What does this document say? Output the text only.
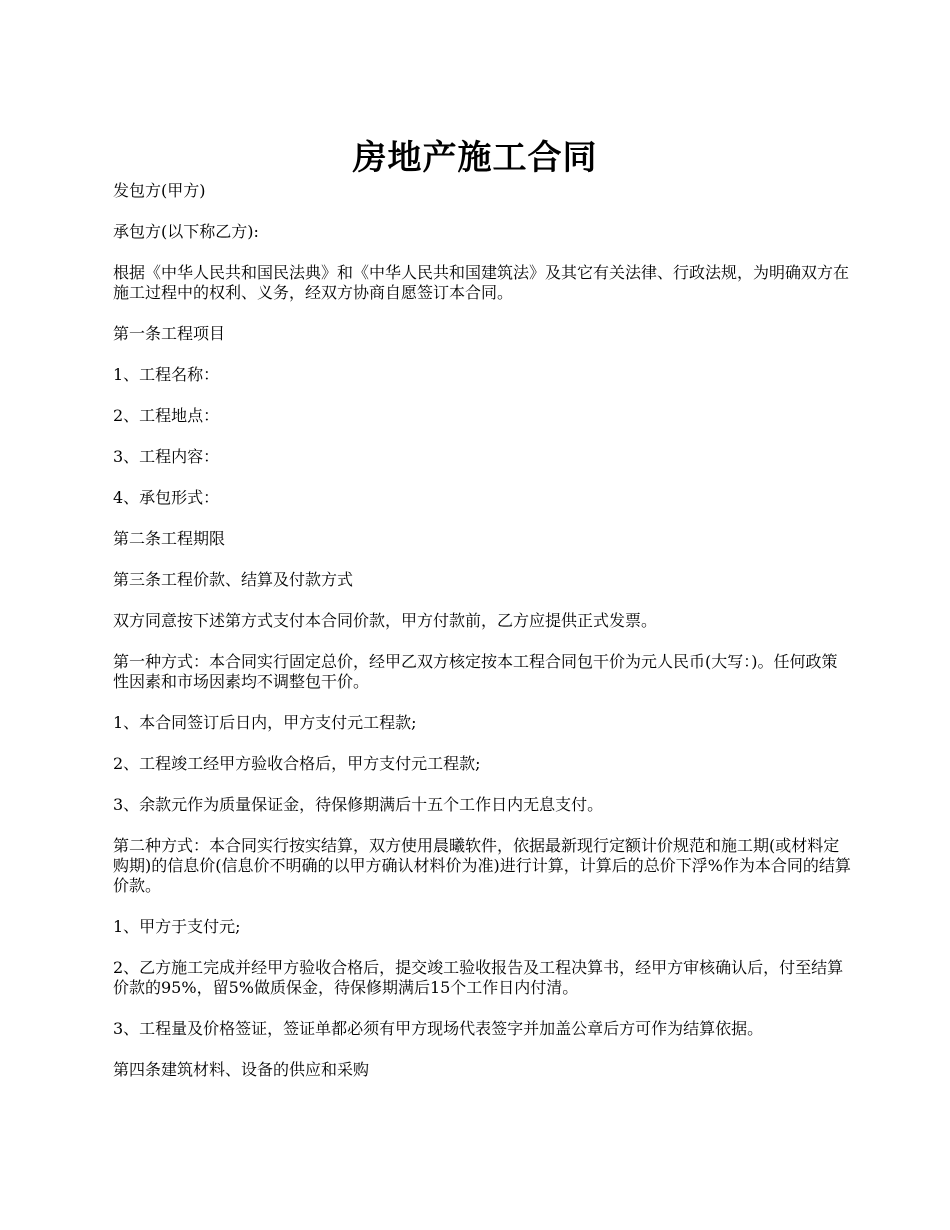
房地产施工合同

发包方(甲方)

承包方(以下称乙方):

根据《中华人民共和国民法典》和《中华人民共和国建筑法》及其它有关法律、行政法规，为明确双方在施工过程中的权利、义务，经双方协商自愿签订本合同。

第一条工程项目

1、工程名称：

2、工程地点：

3、工程内容：

4、承包形式：

第二条工程期限

第三条工程价款、结算及付款方式

双方同意按下述第方式支付本合同价款，甲方付款前，乙方应提供正式发票。

第一种方式：本合同实行固定总价，经甲乙双方核定按本工程合同包干价为元人民币(大写：)。任何政策性因素和市场因素均不调整包干价。

1、本合同签订后日内，甲方支付元工程款;

2、工程竣工经甲方验收合格后，甲方支付元工程款;

3、余款元作为质量保证金，待保修期满后十五个工作日内无息支付。

第二种方式：本合同实行按实结算，双方使用晨曦软件，依据最新现行定额计价规范和施工期(或材料定购期)的信息价(信息价不明确的以甲方确认材料价为准)进行计算，计算后的总价下浮%作为本合同的结算价款。

1、甲方于支付元;

2、乙方施工完成并经甲方验收合格后，提交竣工验收报告及工程决算书，经甲方审核确认后，付至结算价款的95%，留5%做质保金，待保修期满后15个工作日内付清。

3、工程量及价格签证，签证单都必须有甲方现场代表签字并加盖公章后方可作为结算依据。

第四条建筑材料、设备的供应和采购
